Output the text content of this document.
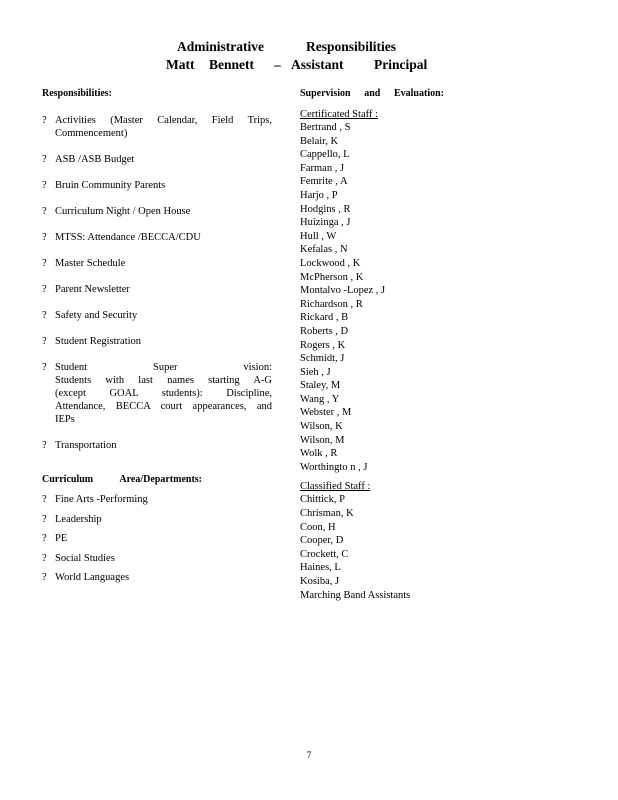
Administrative	Responsibilities
Matt Bennett – Assistant Principal
Responsibilities:
? Activities (Master Calendar, Field Trips,
Commencement)
? ASB /ASB Budget
? Bruin Community Parents
? Curriculum Night / Open House
? MTSS: Attendance /BECCA/CDU
? Master Schedule
? Parent Newsletter
? Safety and Security
? Student Registration
? Student Super vision:
Students with last names starting A-G
(except GOAL students): Discipline,
Attendance, BECCA court appearances, and
IEPs
? Transportation
Curriculum	Area/Departments:
? Fine Arts -Performing
? Leadership
? PE
? Social Studies
? World Languages
Supervision and Evaluation:
Certificated Staff :
Bertrand , S
Belair, K
Cappello, L
Farman , J
Femrite , A
Harjo , P
Hodgins , R
Huizinga , J
Hull , W
Kefalas , N
Lockwood , K
McPherson , K
Montalvo -Lopez , J
Richardson , R
Rickard , B
Roberts , D
Rogers , K
Schmidt, J
Sieh , J
Staley, M
Wang , Y
Webster , M
Wilson, K
Wilson, M
Wolk , R
Worthingto n , J
Classified Staff :
Chittick, P
Chrisman, K
Coon, H
Cooper, D
Crockett, C
Haines, L
Kosiba, J
Marching Band Assistants
7
